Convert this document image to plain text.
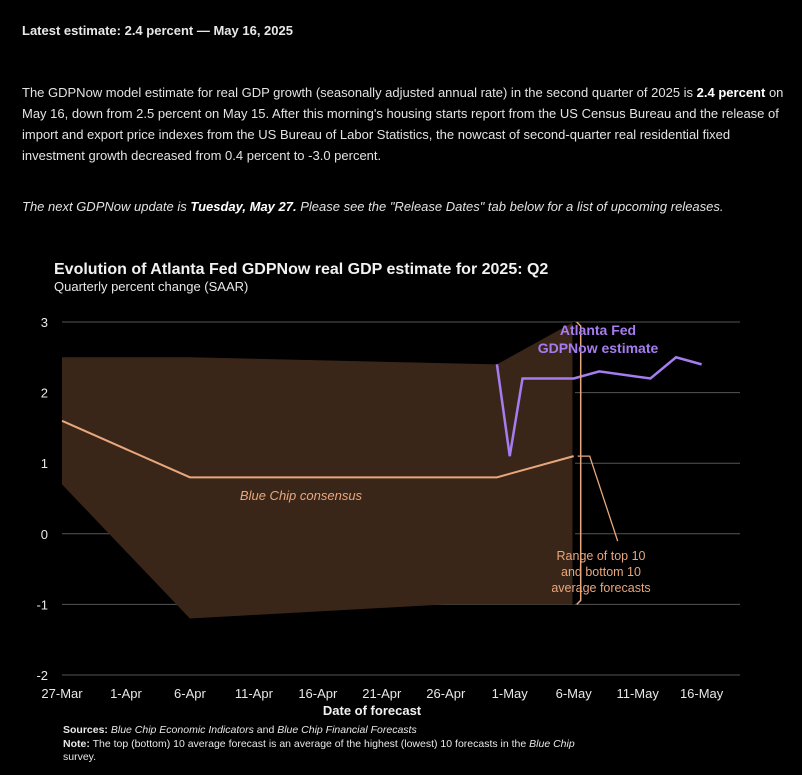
Latest estimate: 2.4 percent — May 16, 2025
The GDPNow model estimate for real GDP growth (seasonally adjusted annual rate) in the second quarter of 2025 is 2.4 percent on May 16, down from 2.5 percent on May 15. After this morning's housing starts report from the US Census Bureau and the release of import and export price indexes from the US Bureau of Labor Statistics, the nowcast of second-quarter real residential fixed investment growth decreased from 0.4 percent to -3.0 percent.
The next GDPNow update is Tuesday, May 27. Please see the "Release Dates" tab below for a list of upcoming releases.
Evolution of Atlanta Fed GDPNow real GDP estimate for 2025: Q2
Quarterly percent change (SAAR)
3
2
1
0
-1
-2
27-Mar 1-Apr 6-Apr 11-Apr 16-Apr 21-Apr 26-Apr 1-May 6-May 11-May 16-May
Atlanta Fed
GDPNow estimate
Blue Chip consensus
Range of top 10
and bottom 10
average forecasts
Date of forecast
Sources: Blue Chip Economic Indicators and Blue Chip Financial Forecasts
Note: The top (bottom) 10 average forecast is an average of the highest (lowest) 10 forecasts in the Blue Chip
survey.
